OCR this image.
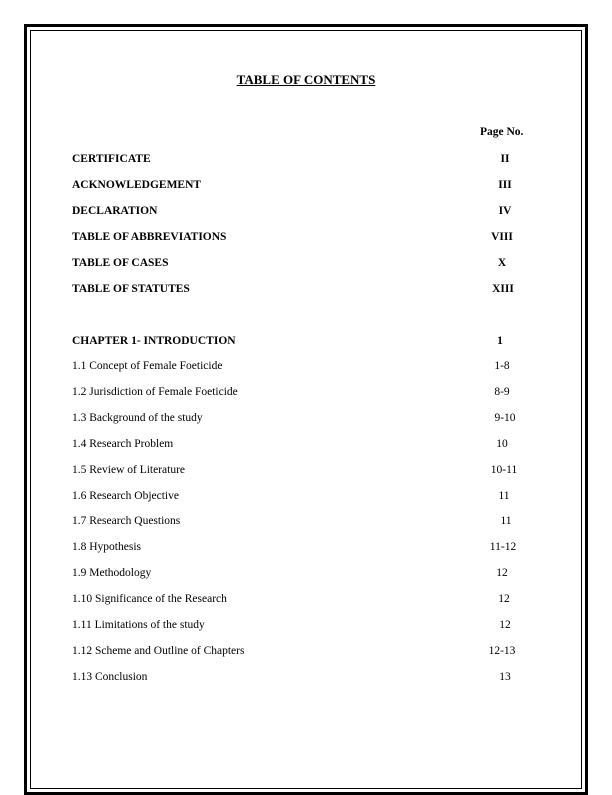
TABLE OF CONTENTS
Page No.
CERTIFICATE	II
ACKNOWLEDGEMENT	III
DECLARATION	IV
TABLE OF ABBREVIATIONS	VIII
TABLE OF CASES	X
TABLE OF STATUTES	XIII
CHAPTER 1- INTRODUCTION	1
1.1 Concept of Female Foeticide	1-8
1.2 Jurisdiction of Female Foeticide	8-9
1.3 Background of the study	9-10
1.4 Research Problem	10
1.5 Review of Literature	10-11
1.6 Research Objective	11
1.7 Research Questions	11
1.8 Hypothesis	11-12
1.9 Methodology	12
1.10 Significance of the Research	12
1.11 Limitations of the study	12
1.12 Scheme and Outline of Chapters	12-13
1.13 Conclusion	13
